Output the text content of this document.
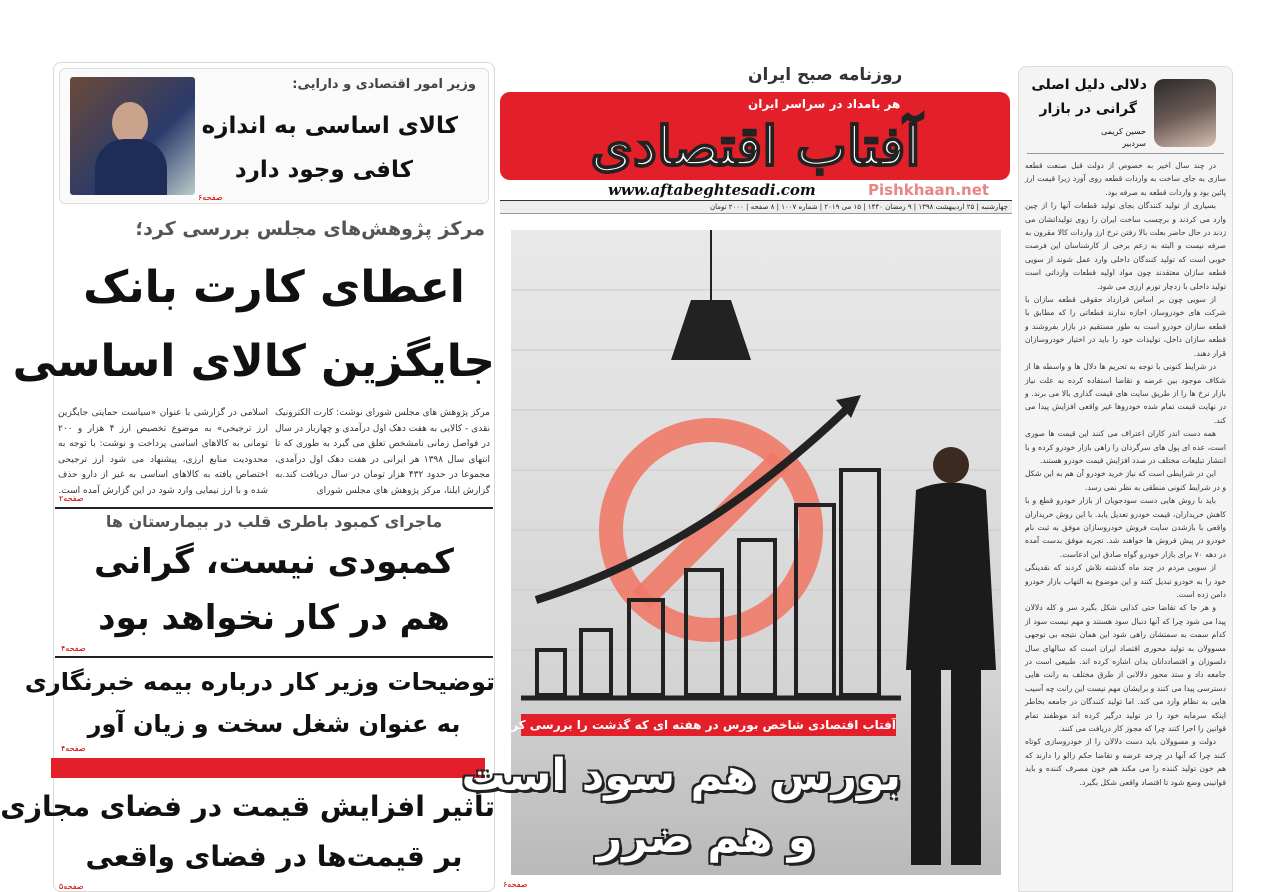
وزیر امور اقتصادی و دارایی:
کالای اساسی به اندازه
کافی وجود دارد
صفحه۶
مرکز پژوهش‌های مجلس بررسی کرد؛
اعطای کارت بانک
جایگزین کالای اساسی
مرکز پژوهش های مجلس شورای نوشت: کارت الکترونیک نقدی - کالایی به هفت دهک اول درآمدی و چهاربار در سال در فواصل زمانی نامشخص تعلق می گیرد به طوری که تا انتهای سال ۱۳۹۸ هر ایرانی در هفت دهک اول درآمدی، مجموعا در حدود ۴۳۲ هزار تومان در سال دریافت کند.به گزارش ایلنا، مرکز پژوهش های مجلس شورای
اسلامی در گزارشی با عنوان «سیاست حمایتی جایگزین ارز ترجیحی» به موضوع تخصیص ارز ۴ هزار و ۲۰۰ تومانی به کالاهای اساسی پرداخت و نوشت: با توجه به محدودیت منابع ارزی، پیشنهاد می شود ارز ترجیحی اختصاص یافته به کالاهای اساسی به غیر از دارو حذف شده و با ارز نیمایی وارد شود در این گزارش آمده است.
صفحه۲
ماجرای کمبود باطری قلب در بیمارستان ها
کمبودی نیست، گرانی
هم در کار نخواهد بود
صفحه۴
توضیحات وزیر کار درباره بیمه خبرنگاری
به عنوان شغل سخت و زیان آور
صفحه۴
تأثیر افزایش قیمت در فضای مجازی
بر قیمت‌ها در فضای واقعی
صفحه۵
روزنامه صبح ایران
هر بامداد در سراسر ایران
آفتاب اقتصادی
www.aftabeghtesadi.com	Pishkhaan.net
چهارشنبه | ۲۵ اردیبهشت ۱۳۹۸ | ۹ رمضان ۱۴۴۰ | ۱۵ می ۲۰۱۹ | شماره ۱۰۰۷ | ۸ صفحه | ۲۰۰۰ تومان
آفتاب اقتصادی شاخص بورس در هفته ای که گذشت را بررسی کرد
بورس هم سود است
و هم ضرر
صفحه۶
دلالی دلیل اصلی
گرانی در بازار
حسین کریمی
سردبیر

در چند سال اخیر به خصوص از دولت قبل صنعت قطعه سازی به جای ساخت به واردات قطعه روی آورد زیرا قیمت ارز پائین بود و واردات قطعه به صرفه بود.

بسیاری از تولید کنندگان بجای تولید قطعات آنها را از چین وارد می کردند و برچسب ساخت ایران را روی تولیداتشان می زدند در حال حاضر بعلت بالا رفتن نرخ ارز واردات کالا مقرون به صرفه نیست و البته به زعم برخی از کارشناسان این فرصت خوبی است که تولید کنندگان داخلی وارد عمل شوند از سویی قطعه سازان معتقدند چون مواد اولیه قطعات وارداتی است تولید داخلی با زدچار تورم ارزی می شود.

از سویی چون بر اساس قرارداد حقوقی قطعه سازان با شرکت های خودروساز، اجازه ندارند قطعاتی را که مطابق با قطعه سازان خودرو است به طور مستقیم در بازار بفروشند و قطعه سازان داخل، تولیدات خود را باید در اختیار خودروسازان قرار دهند.

در شرایط کنونی با توجه به تحریم ها دلال ها و واسطه ها از شکاف موجود بین عرضه و تقاضا استفاده کرده به علت نیاز بازار نرخ ها را از طریق سایت های قیمت گذاری بالا می برند. و در نهایت قیمت تمام شده خودروها غیر واقعی افزایش پیدا می کند.

همه دست اندر کاران اعتراف می کنند این قیمت ها صوری است، عده ای پول های سرگردان را راهی بازار خودرو کرده و با انتشار تبلیغات مختلف در صدد افزایش قیمت خودرو هستند.

این در شرایطی است که نیاز خرید خودرو آن هم به این شکل و در شرایط کنونی منطقی به نظر نمی رسد.

باید با روش هایی دست سودجویان از بازار خودرو قطع و با کاهش خریداران، قیمت خودرو تعدیل یابد. با این روش خریداران واقعی با بازشدن سایت فروش خودروسازان موفق به ثبت نام خودرو در پیش فروش ها خواهند شد. تجربه موفق بدست آمده در دهه ۷۰ برای بازار خودرو گواه صادق این ادعاست.

از سویی مردم در چند ماه گذشته تلاش کردند که نقدینگی خود را به خودرو تبدیل کنند و این موضوع به التهاب بازار خودرو دامن زده است.

و هر جا که تقاضا حتی کذایی شکل بگیرد سر و کله دلالان پیدا می شود چرا که آنها دنبال سود هستند و مهم نیست سود از کدام سمت به سمتشان راهی شود این همان نتیجه بی توجهی مسوولان به تولید محوری اقتصاد ایران است که سالهای سال دلسوزان و اقتصاددانان بدان اشاره کرده اند. طبیعی است در جامعه داد و ستد محور دلالانی از طرق مختلف به رانت هایی دسترسی پیدا می کنند و برایشان مهم نیست این رانت چه آسیب هایی به نظام وارد می کند. اما تولید کنندگان در جامعه بخاطر اینکه سرمایه خود را در تولید درگیر کرده اند موظفند تمام قوانین را اجرا کنند چرا که مجوز کار دریافت می کنند.

دولت و مسوولان باید دست دلالان را از خودروسازی کوتاه کنند چرا که آنها در چرخه عرضه و تقاضا حکم زالو را دارند که هم خون تولید کننده را می مکند هم خون مصرف کننده و باید قوانینی وضع شود تا اقتصاد واقعی شکل بگیرد.
